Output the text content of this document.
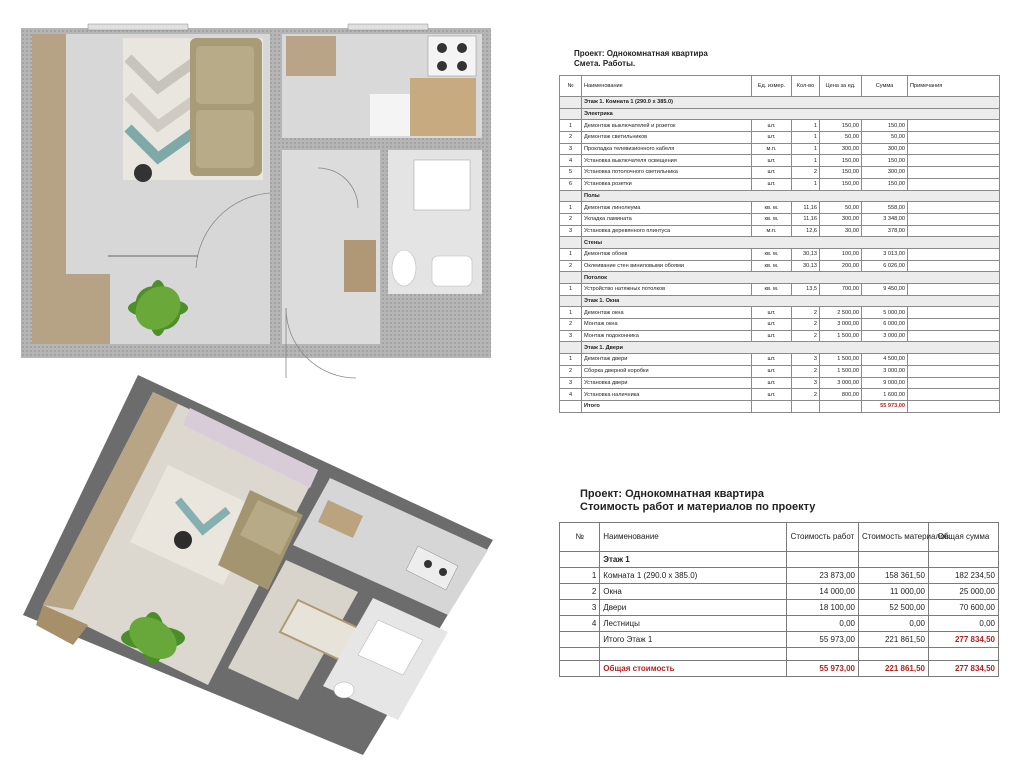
Проект: Однокомнатная квартира
Смета. Работы.
№	Наименование	Ед. измер.	Кол-во	Цена за ед.	Сумма	Примечания
	Этаж 1. Комната 1 (290.0 x 385.0)					
	Электрика					
1	Демонтаж выключателей и розеток	шт.	1	150,00	150,00	
2	Демонтаж светильников	шт.	1	50,00	50,00	
3	Прокладка телевизионного кабеля	м.п.	1	300,00	300,00	
4	Установка выключателя освещения	шт.	1	150,00	150,00	
5	Установка потолочного светильника	шт.	2	150,00	300,00	
6	Установка розетки	шт.	1	150,00	150,00	
	Полы					
1	Демонтаж линолеума	кв. м.	11,16	50,00	558,00	
2	Укладка ламината	кв. м.	11,16	300,00	3 348,00	
3	Установка деревянного плинтуса	м.п.	12,6	30,00	378,00	
	Стены					
1	Демонтаж обоев	кв. м.	30,13	100,00	3 013,00	
2	Оклеивание стен виниловыми обоями	кв. м.	30,13	200,00	6 026,00	
	Потолок					
1	Устройство натяжных потолков	кв. м.	13,5	700,00	9 450,00	
	Этаж 1. Окна					
1	Демонтаж окна	шт.	2	2 500,00	5 000,00	
2	Монтаж окна	шт.	2	3 000,00	6 000,00	
3	Монтаж подоконника	шт.	2	1 500,00	3 000,00	
	Этаж 1. Двери					
1	Демонтаж двери	шт.	3	1 500,00	4 500,00	
2	Сборка дверной коробки	шт.	2	1 500,00	3 000,00	
3	Установка двери	шт.	3	3 000,00	9 000,00	
4	Установка наличника	шт.	2	800,00	1 600,00	
	Итого				55 973,00	
Проект: Однокомнатная квартира
Стоимость работ и материалов по проекту
№	Наименование	Стоимость работ	Стоимость материалов	Общая сумма
	Этаж 1			
1	Комната 1 (290.0 x 385.0)	23 873,00	158 361,50	182 234,50
2	Окна	14 000,00	11 000,00	25 000,00
3	Двери	18 100,00	52 500,00	70 600,00
4	Лестницы	0,00	0,00	0,00
	Итого Этаж 1	55 973,00	221 861,50	277 834,50

	Общая стоимость	55 973,00	221 861,50	277 834,50
